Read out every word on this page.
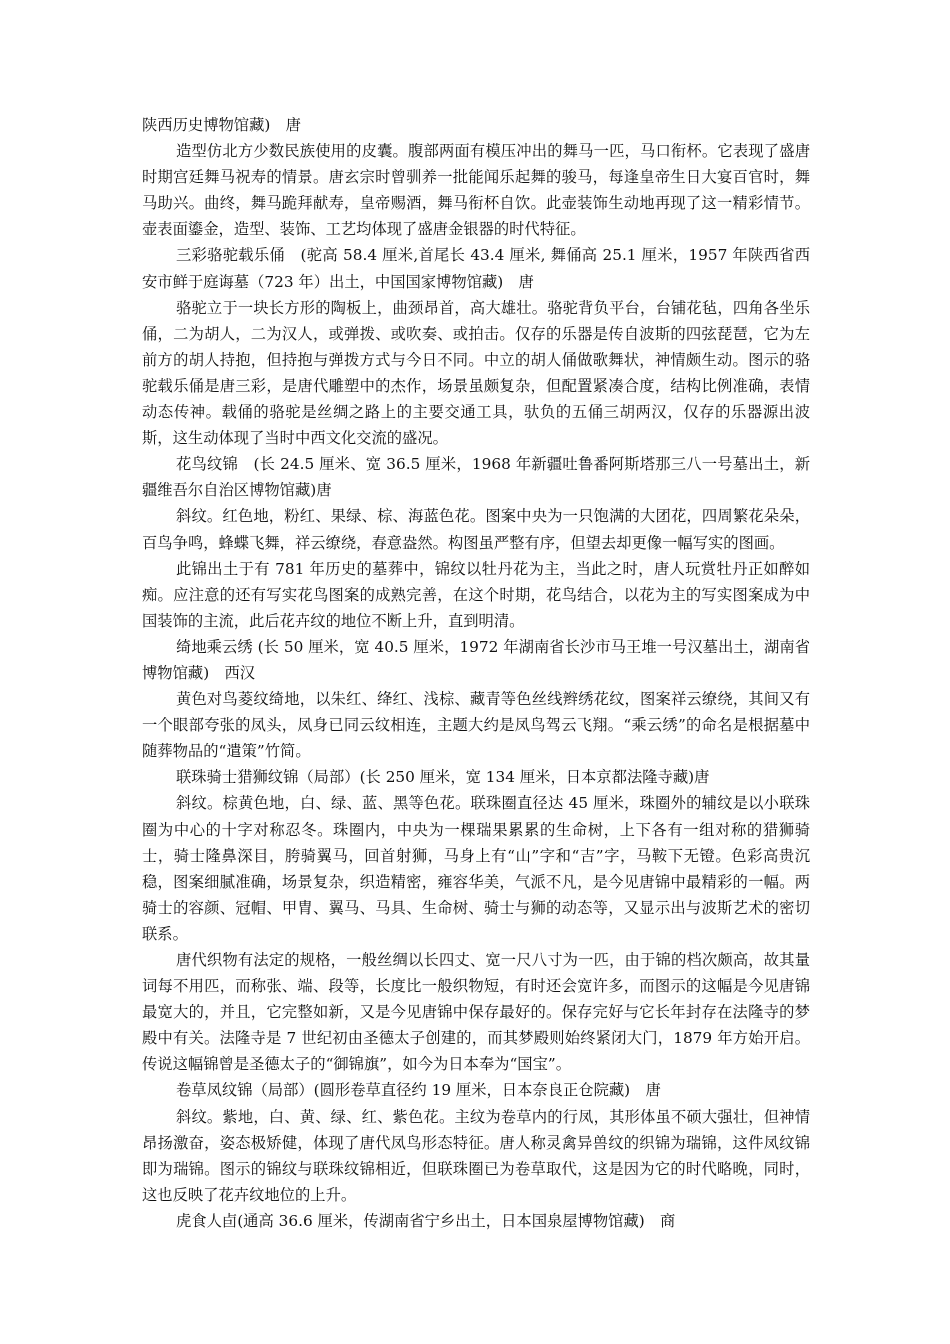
陕西历史博物馆藏)　唐

造型仿北方少数民族使用的皮囊。腹部两面有模压冲出的舞马一匹，马口衔杯。它表现了盛唐时期宫廷舞马祝寿的情景。唐玄宗时曾驯养一批能闻乐起舞的骏马，每逢皇帝生日大宴百官时，舞马助兴。曲终，舞马跪拜献寿，皇帝赐酒，舞马衔杯自饮。此壶装饰生动地再现了这一精彩情节。壶表面鎏金，造型、装饰、工艺均体现了盛唐金银器的时代特征。

三彩骆驼载乐俑　(驼高 58.4 厘米,首尾长 43.4 厘米, 舞俑高 25.1 厘米，1957 年陕西省西安市鲜于庭诲墓（723 年）出土，中国国家博物馆藏)　唐

骆驼立于一块长方形的陶板上，曲颈昂首，高大雄壮。骆驼背负平台，台铺花毡，四角各坐乐俑，二为胡人，二为汉人，或弹拨、或吹奏、或拍击。仅存的乐器是传自波斯的四弦琵琶，它为左前方的胡人持抱，但持抱与弹拨方式与今日不同。中立的胡人俑做歌舞状，神情颇生动。图示的骆驼载乐俑是唐三彩，是唐代雕塑中的杰作，场景虽颇复杂，但配置紧凑合度，结构比例准确，表情动态传神。载俑的骆驼是丝绸之路上的主要交通工具，驮负的五俑三胡两汉，仅存的乐器源出波斯，这生动体现了当时中西文化交流的盛况。

花鸟纹锦　(长 24.5 厘米、宽 36.5 厘米，1968 年新疆吐鲁番阿斯塔那三八一号墓出土，新疆维吾尔自治区博物馆藏)唐

斜纹。红色地，粉红、果绿、棕、海蓝色花。图案中央为一只饱满的大团花，四周繁花朵朵，百鸟争鸣，蜂蝶飞舞，祥云缭绕，春意盎然。构图虽严整有序，但望去却更像一幅写实的图画。

此锦出土于有 781 年历史的墓葬中，锦纹以牡丹花为主，当此之时，唐人玩赏牡丹正如醉如痴。应注意的还有写实花鸟图案的成熟完善，在这个时期，花鸟结合，以花为主的写实图案成为中国装饰的主流，此后花卉纹的地位不断上升，直到明清。

绮地乘云绣 (长 50 厘米，宽 40.5 厘米，1972 年湖南省长沙市马王堆一号汉墓出土，湖南省博物馆藏)　西汉

黄色对鸟菱纹绮地，以朱红、绛红、浅棕、藏青等色丝线辫绣花纹，图案祥云缭绕，其间又有一个眼部夸张的凤头，凤身已同云纹相连，主题大约是凤鸟驾云飞翔。“乘云绣”的命名是根据墓中随葬物品的“遣策”竹简。

联珠骑士猎狮纹锦（局部）(长 250 厘米，宽 134 厘米，日本京都法隆寺藏)唐

斜纹。棕黄色地，白、绿、蓝、黑等色花。联珠圈直径达 45 厘米，珠圈外的辅纹是以小联珠圈为中心的十字对称忍冬。珠圈内，中央为一棵瑞果累累的生命树，上下各有一组对称的猎狮骑士，骑士隆鼻深目，胯骑翼马，回首射狮，马身上有“山”字和“吉”字，马鞍下无镫。色彩高贵沉稳，图案细腻准确，场景复杂，织造精密，雍容华美，气派不凡，是今见唐锦中最精彩的一幅。两骑士的容颜、冠帽、甲胄、翼马、马具、生命树、骑士与狮的动态等，又显示出与波斯艺术的密切联系。

唐代织物有法定的规格，一般丝绸以长四丈、宽一尺八寸为一匹，由于锦的档次颇高，故其量词每不用匹，而称张、端、段等，长度比一般织物短，有时还会宽许多，而图示的这幅是今见唐锦最宽大的，并且，它完整如新，又是今见唐锦中保存最好的。保存完好与它长年封存在法隆寺的梦殿中有关。法隆寺是 7 世纪初由圣德太子创建的，而其梦殿则始终紧闭大门，1879 年方始开启。传说这幅锦曾是圣德太子的“御锦旗”，如今为日本奉为“国宝”。

卷草凤纹锦（局部）(圆形卷草直径约 19 厘米，日本奈良正仓院藏)　唐

斜纹。紫地，白、黄、绿、红、紫色花。主纹为卷草内的行凤，其形体虽不硕大强壮，但神情昂扬激奋，姿态极矫健，体现了唐代凤鸟形态特征。唐人称灵禽异兽纹的织锦为瑞锦，这件凤纹锦即为瑞锦。图示的锦纹与联珠纹锦相近，但联珠圈已为卷草取代，这是因为它的时代略晚，同时，这也反映了花卉纹地位的上升。

虎食人卣(通高 36.6 厘米，传湖南省宁乡出土，日本国泉屋博物馆藏)　商
